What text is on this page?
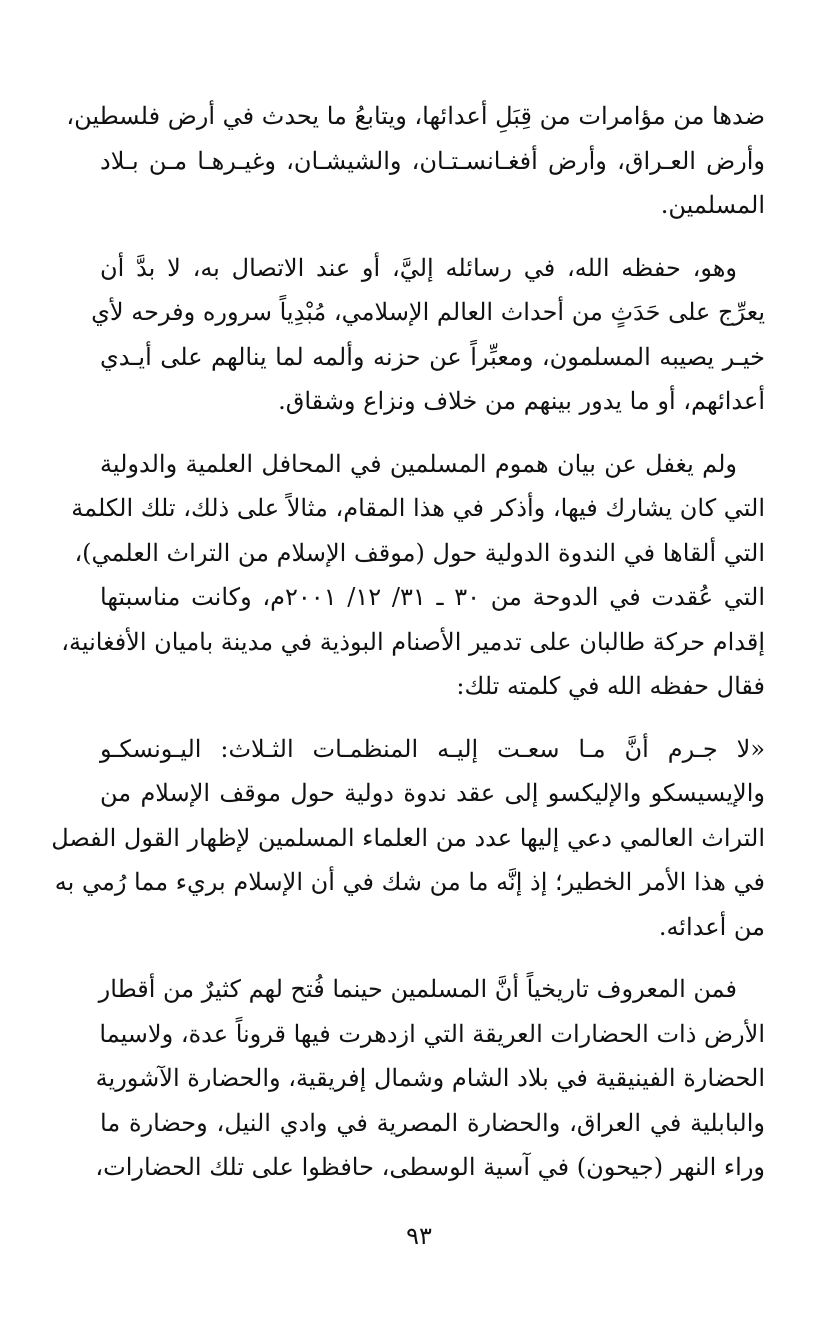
ضدها من مؤامرات من قِبَلِ أعدائها، ويتابعُ ما يحدث في أرض فلسطين،
وأرض العـراق، وأرض أفغـانسـتـان، والشيشـان، وغيـرهـا مـن بـلاد
المسلمين.

وهو، حفظه الله، في رسائله إليَّ، أو عند الاتصال به، لا بدَّ أن
يعرِّج على حَدَثٍ من أحداث العالم الإسلامي، مُبْدِياً سروره وفرحه لأي
خيـر يصيبه المسلمون، ومعبِّراً عن حزنه وألمه لما ينالهم على أيـدي
أعدائهم، أو ما يدور بينهم من خلاف ونزاع وشقاق.

ولم يغفل عن بيان هموم المسلمين في المحافل العلمية والدولية
التي كان يشارك فيها، وأذكر في هذا المقام، مثالاً على ذلك، تلك الكلمة
التي ألقاها في الندوة الدولية حول (موقف الإسلام من التراث العلمي)،
التي عُقدت في الدوحة من ٣٠ ـ ٣١/ ١٢/ ٢٠٠١م، وكانت مناسبتها
إقدام حركة طالبان على تدمير الأصنام البوذية في مدينة باميان الأفغانية،
فقال حفظه الله في كلمته تلك:

«لا جـرم أنَّ مـا سعـت إليـه المنظمـات الثـلاث: اليـونسكـو
والإيسيسكو والإليكسو إلى عقد ندوة دولية حول موقف الإسلام من
التراث العالمي دعي إليها عدد من العلماء المسلمين لإظهار القول الفصل
في هذا الأمر الخطير؛ إذ إنَّه ما من شك في أن الإسلام بريء مما رُمي به
من أعدائه.

فمن المعروف تاريخياً أنَّ المسلمين حينما فُتح لهم كثيرٌ من أقطار
الأرض ذات الحضارات العريقة التي ازدهرت فيها قروناً عدة، ولاسيما
الحضارة الفينيقية في بلاد الشام وشمال إفريقية، والحضارة الآشورية
والبابلية في العراق، والحضارة المصرية في وادي النيل، وحضارة ما
وراء النهر (جيحون) في آسية الوسطى، حافظوا على تلك الحضارات،

٩٣
